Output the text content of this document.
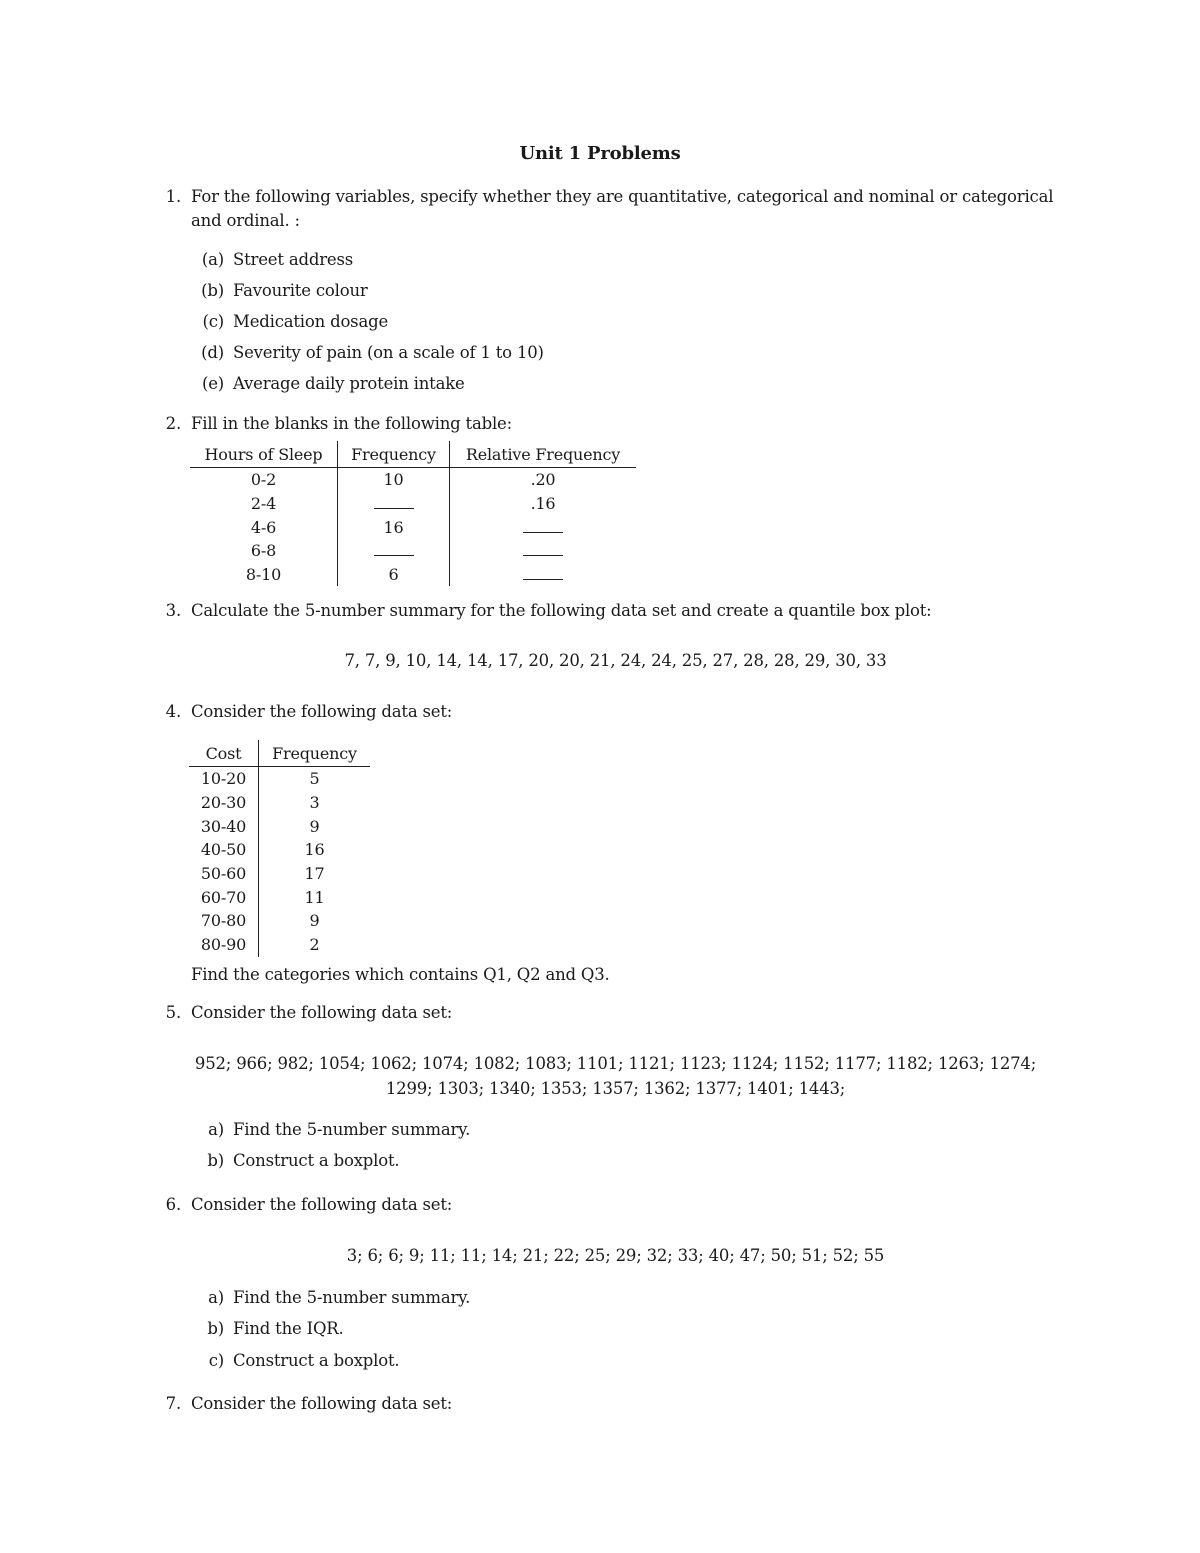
Unit 1 Problems
1. For the following variables, specify whether they are quantitative, categorical and nominal or categorical
and ordinal. :
(a) Street address
(b) Favourite colour
(c) Medication dosage
(d) Severity of pain (on a scale of 1 to 10)
(e) Average daily protein intake
2. Fill in the blanks in the following table:
Hours of Sleep	Frequency	Relative Frequency
0-2	10	.20
2-4		.16
4-6	16	
6-8		
8-10	6	
3. Calculate the 5-number summary for the following data set and create a quantile box plot:
7, 7, 9, 10, 14, 14, 17, 20, 20, 21, 24, 24, 25, 27, 28, 28, 29, 30, 33
4. Consider the following data set:
Cost	Frequency
10-20	5
20-30	3
30-40	9
40-50	16
50-60	17
60-70	11
70-80	9
80-90	2
Find the categories which contains Q1, Q2 and Q3.
5. Consider the following data set:
952; 966; 982; 1054; 1062; 1074; 1082; 1083; 1101; 1121; 1123; 1124; 1152; 1177; 1182; 1263; 1274;
1299; 1303; 1340; 1353; 1357; 1362; 1377; 1401; 1443;
a) Find the 5-number summary.
b) Construct a boxplot.
6. Consider the following data set:
3; 6; 6; 9; 11; 11; 14; 21; 22; 25; 29; 32; 33; 40; 47; 50; 51; 52; 55
a) Find the 5-number summary.
b) Find the IQR.
c) Construct a boxplot.
7. Consider the following data set:
